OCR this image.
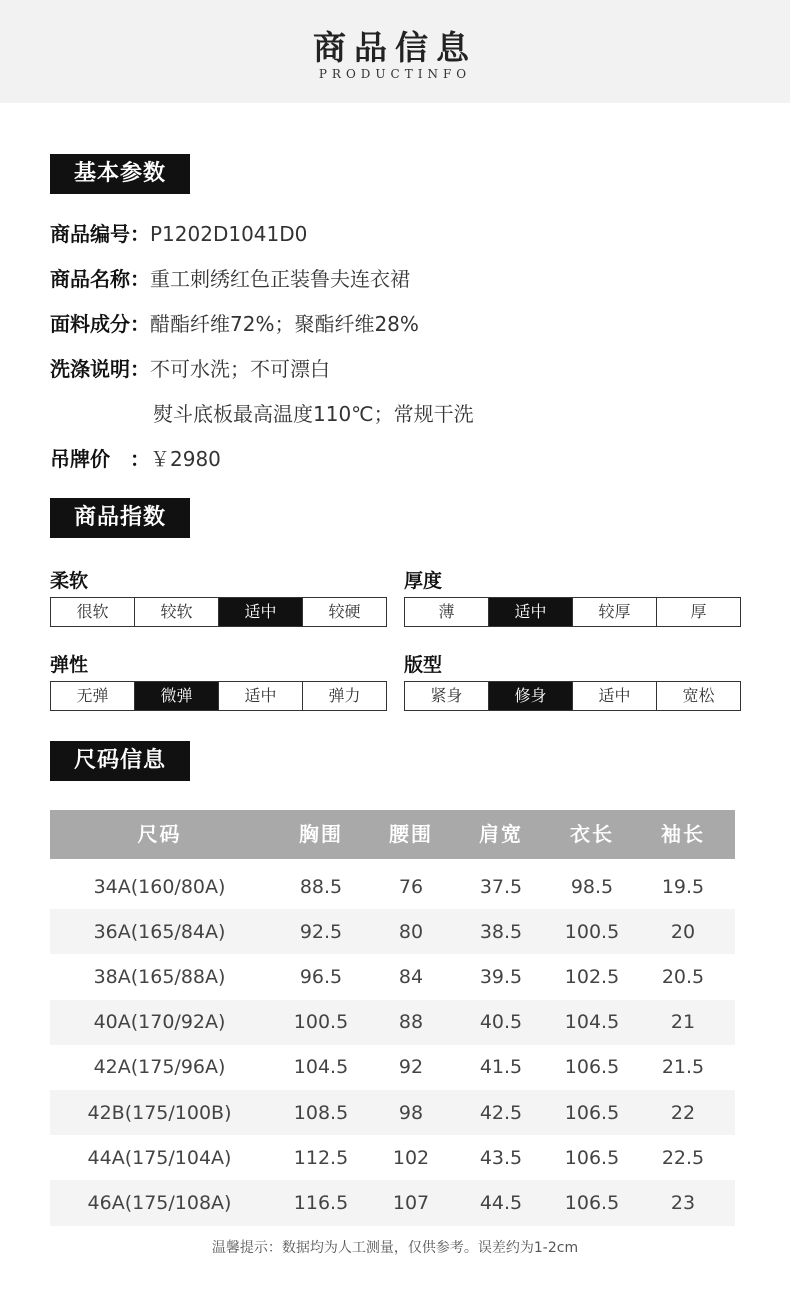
商品信息
PRODUCTINFO
基本参数
商品编号：P1202D1041D0
商品名称：重工刺绣红色正装鲁夫连衣裙
面料成分：醋酯纤维72%；聚酯纤维28%
洗涤说明：不可水洗；不可漂白
熨斗底板最高温度110℃；常规干洗
吊牌价　：￥2980
商品指数
柔软
很软	较软	适中	较硬
厚度
薄	适中	较厚	厚
弹性
无弹	微弹	适中	弹力
版型
紧身	修身	适中	宽松
尺码信息
尺码	胸围	腰围	肩宽	衣长	袖长
34A(160/80A)	88.5	76	37.5	98.5	19.5
36A(165/84A)	92.5	80	38.5	100.5	20
38A(165/88A)	96.5	84	39.5	102.5	20.5
40A(170/92A)	100.5	88	40.5	104.5	21
42A(175/96A)	104.5	92	41.5	106.5	21.5
42B(175/100B)	108.5	98	42.5	106.5	22
44A(175/104A)	112.5	102	43.5	106.5	22.5
46A(175/108A)	116.5	107	44.5	106.5	23
温馨提示：数据均为人工测量，仅供参考。误差约为1-2cm
